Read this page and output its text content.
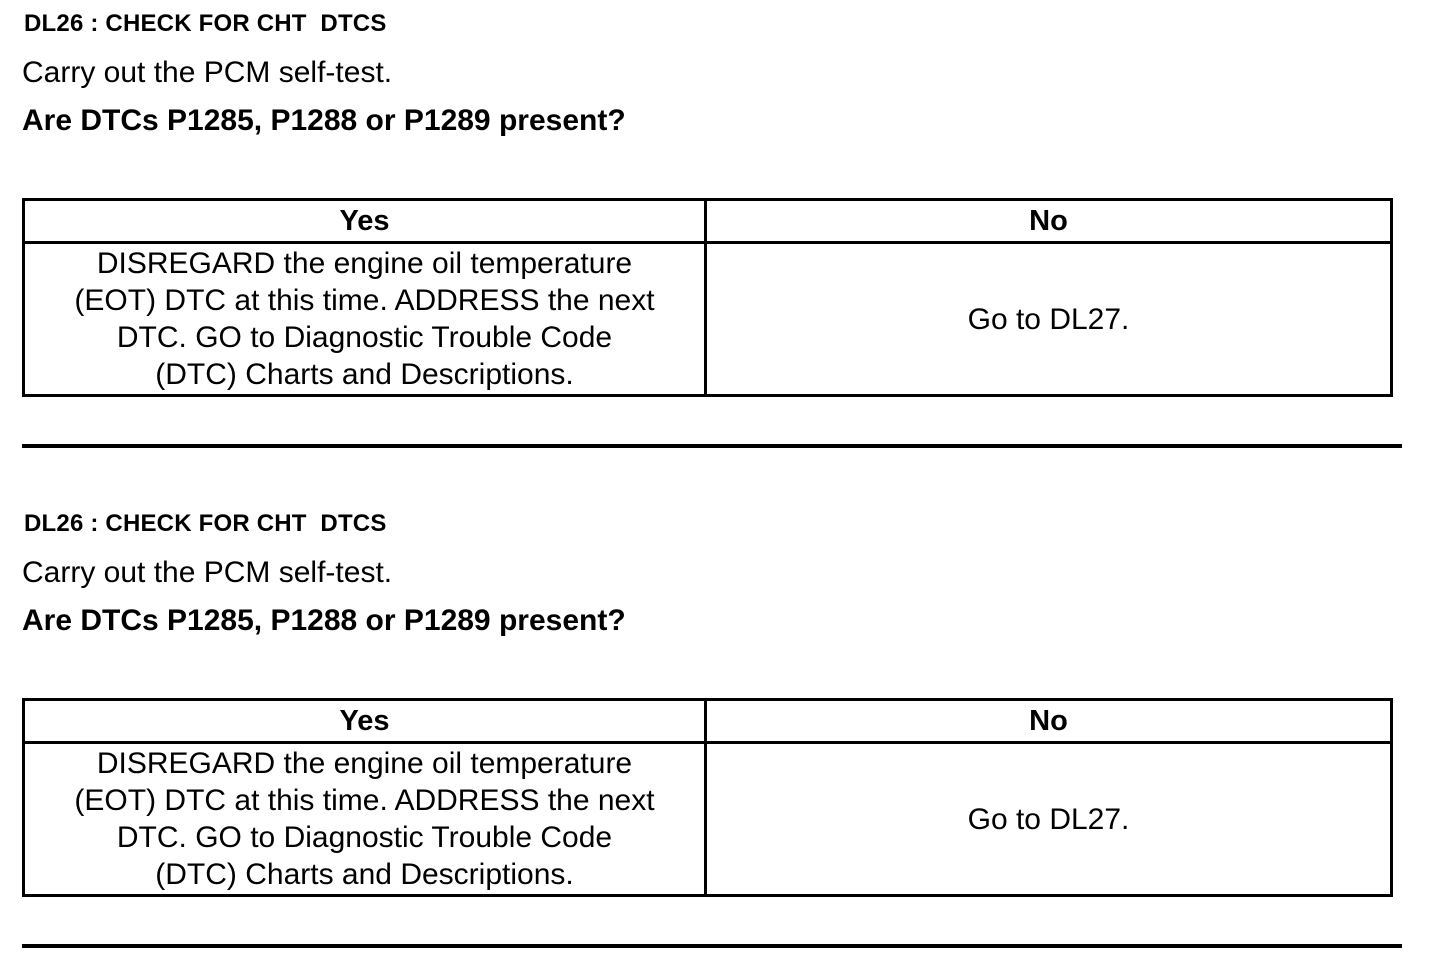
DL26 : CHECK FOR CHT  DTCS
Carry out the PCM self-test.
Are DTCs P1285, P1288 or P1289 present?
Yes	No

DISREGARD the engine oil temperature
(EOT) DTC at this time. ADDRESS the next
DTC. GO to Diagnostic Trouble Code
(DTC) Charts and Descriptions.	Go to DL27.
DL26 : CHECK FOR CHT  DTCS
Carry out the PCM self-test.
Are DTCs P1285, P1288 or P1289 present?
Yes	No

DISREGARD the engine oil temperature
(EOT) DTC at this time. ADDRESS the next
DTC. GO to Diagnostic Trouble Code
(DTC) Charts and Descriptions.	Go to DL27.
